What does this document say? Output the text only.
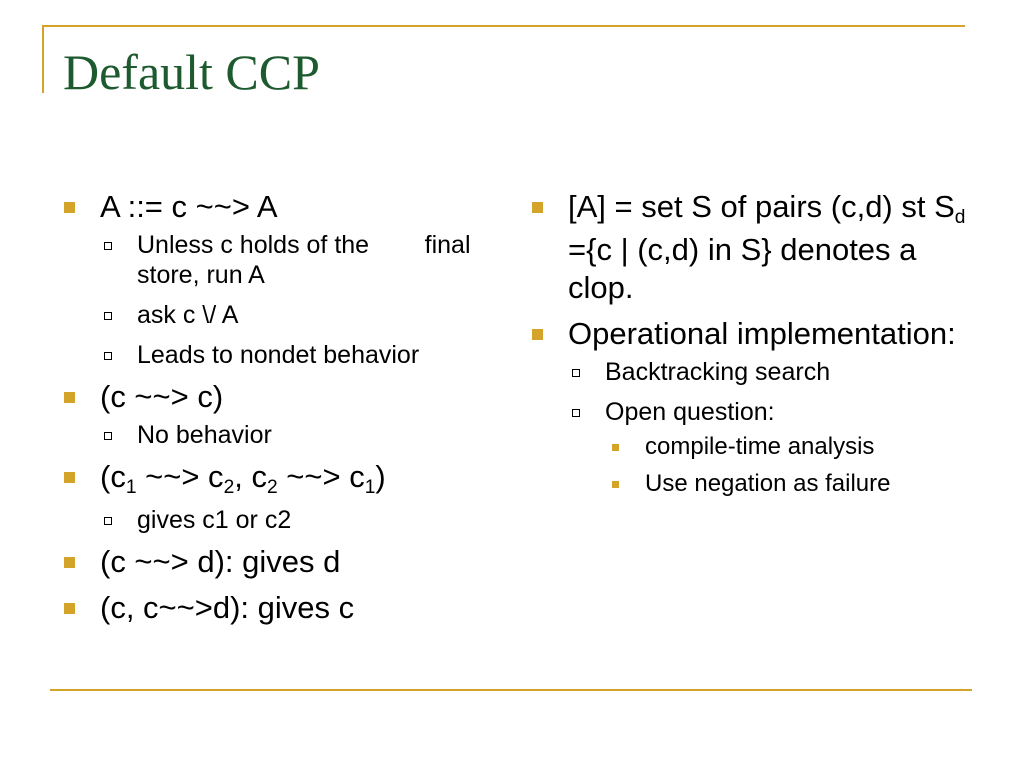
Default CCP
A ::= c ~~> A
Unless c holds of the        final store, run A
ask c \/ A
Leads to nondet behavior
(c ~~> c)
No behavior
($c_1$ ~~> $c_2$, $c_2$ ~~> $c_1$)
gives c1 or c2
(c ~~> d): gives d
(c, c~~>d): gives c
[A] = set S of pairs (c,d) st $S_d =\{c$ | (c,d) in S} denotes a clop.
Operational implementation:
Backtracking search
Open question:
compile-time analysis
Use negation as failure
